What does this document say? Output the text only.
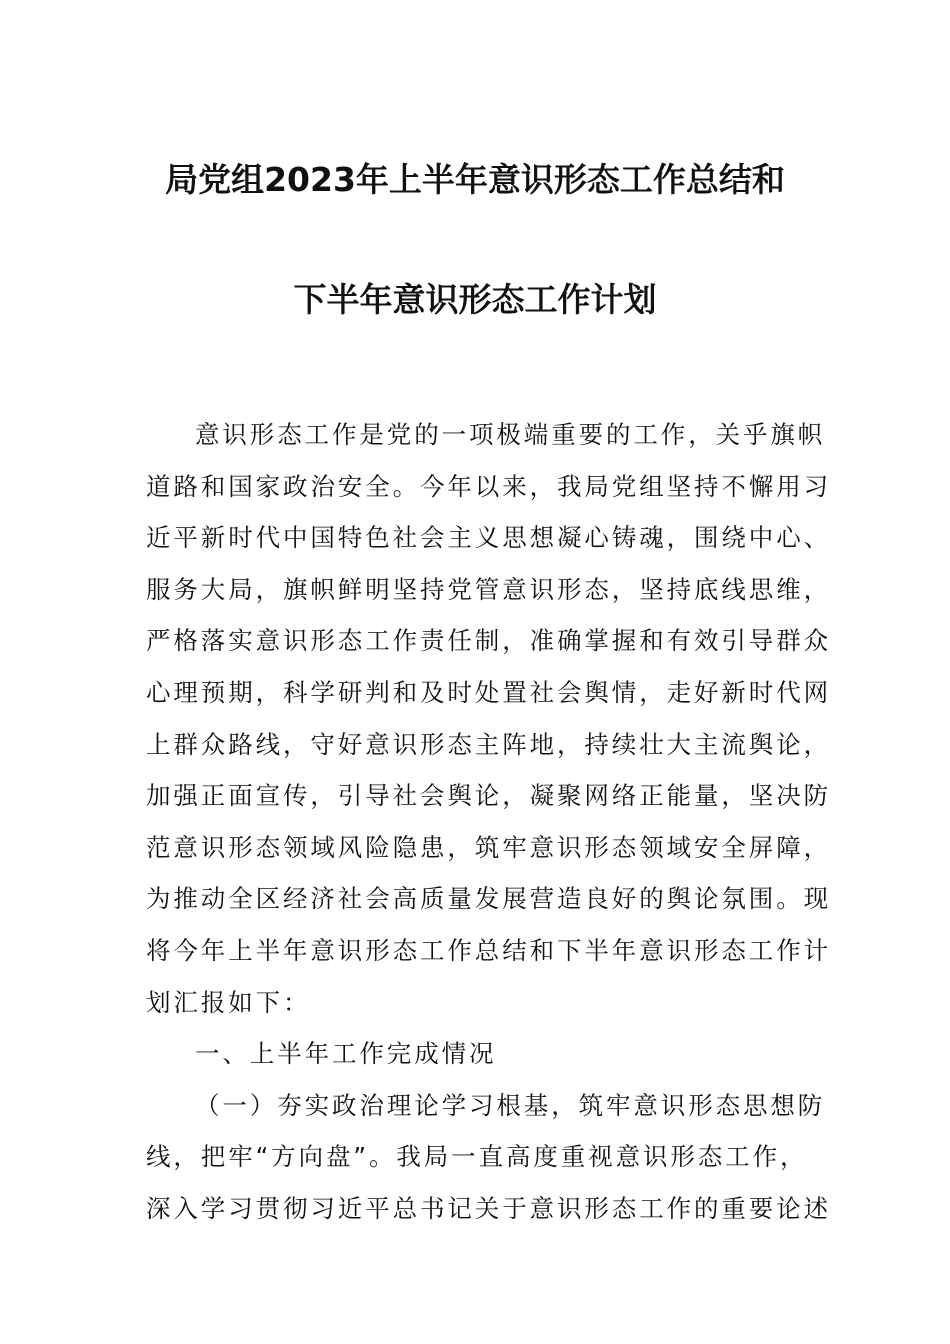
局党组2023年上半年意识形态工作总结和
下半年意识形态工作计划

意识形态工作是党的一项极端重要的工作，关乎旗帜
道路和国家政治安全。今年以来，我局党组坚持不懈用习
近平新时代中国特色社会主义思想凝心铸魂，围绕中心、
服务大局，旗帜鲜明坚持党管意识形态，坚持底线思维，
严格落实意识形态工作责任制，准确掌握和有效引导群众
心理预期，科学研判和及时处置社会舆情，走好新时代网
上群众路线，守好意识形态主阵地，持续壮大主流舆论，
加强正面宣传，引导社会舆论，凝聚网络正能量，坚决防
范意识形态领域风险隐患，筑牢意识形态领域安全屏障，
为推动全区经济社会高质量发展营造良好的舆论氛围。现
将今年上半年意识形态工作总结和下半年意识形态工作计
划汇报如下：

一、上半年工作完成情况

（一）夯实政治理论学习根基，筑牢意识形态思想防
线，把牢“方向盘”。我局一直高度重视意识形态工作，
深入学习贯彻习近平总书记关于意识形态工作的重要论述
